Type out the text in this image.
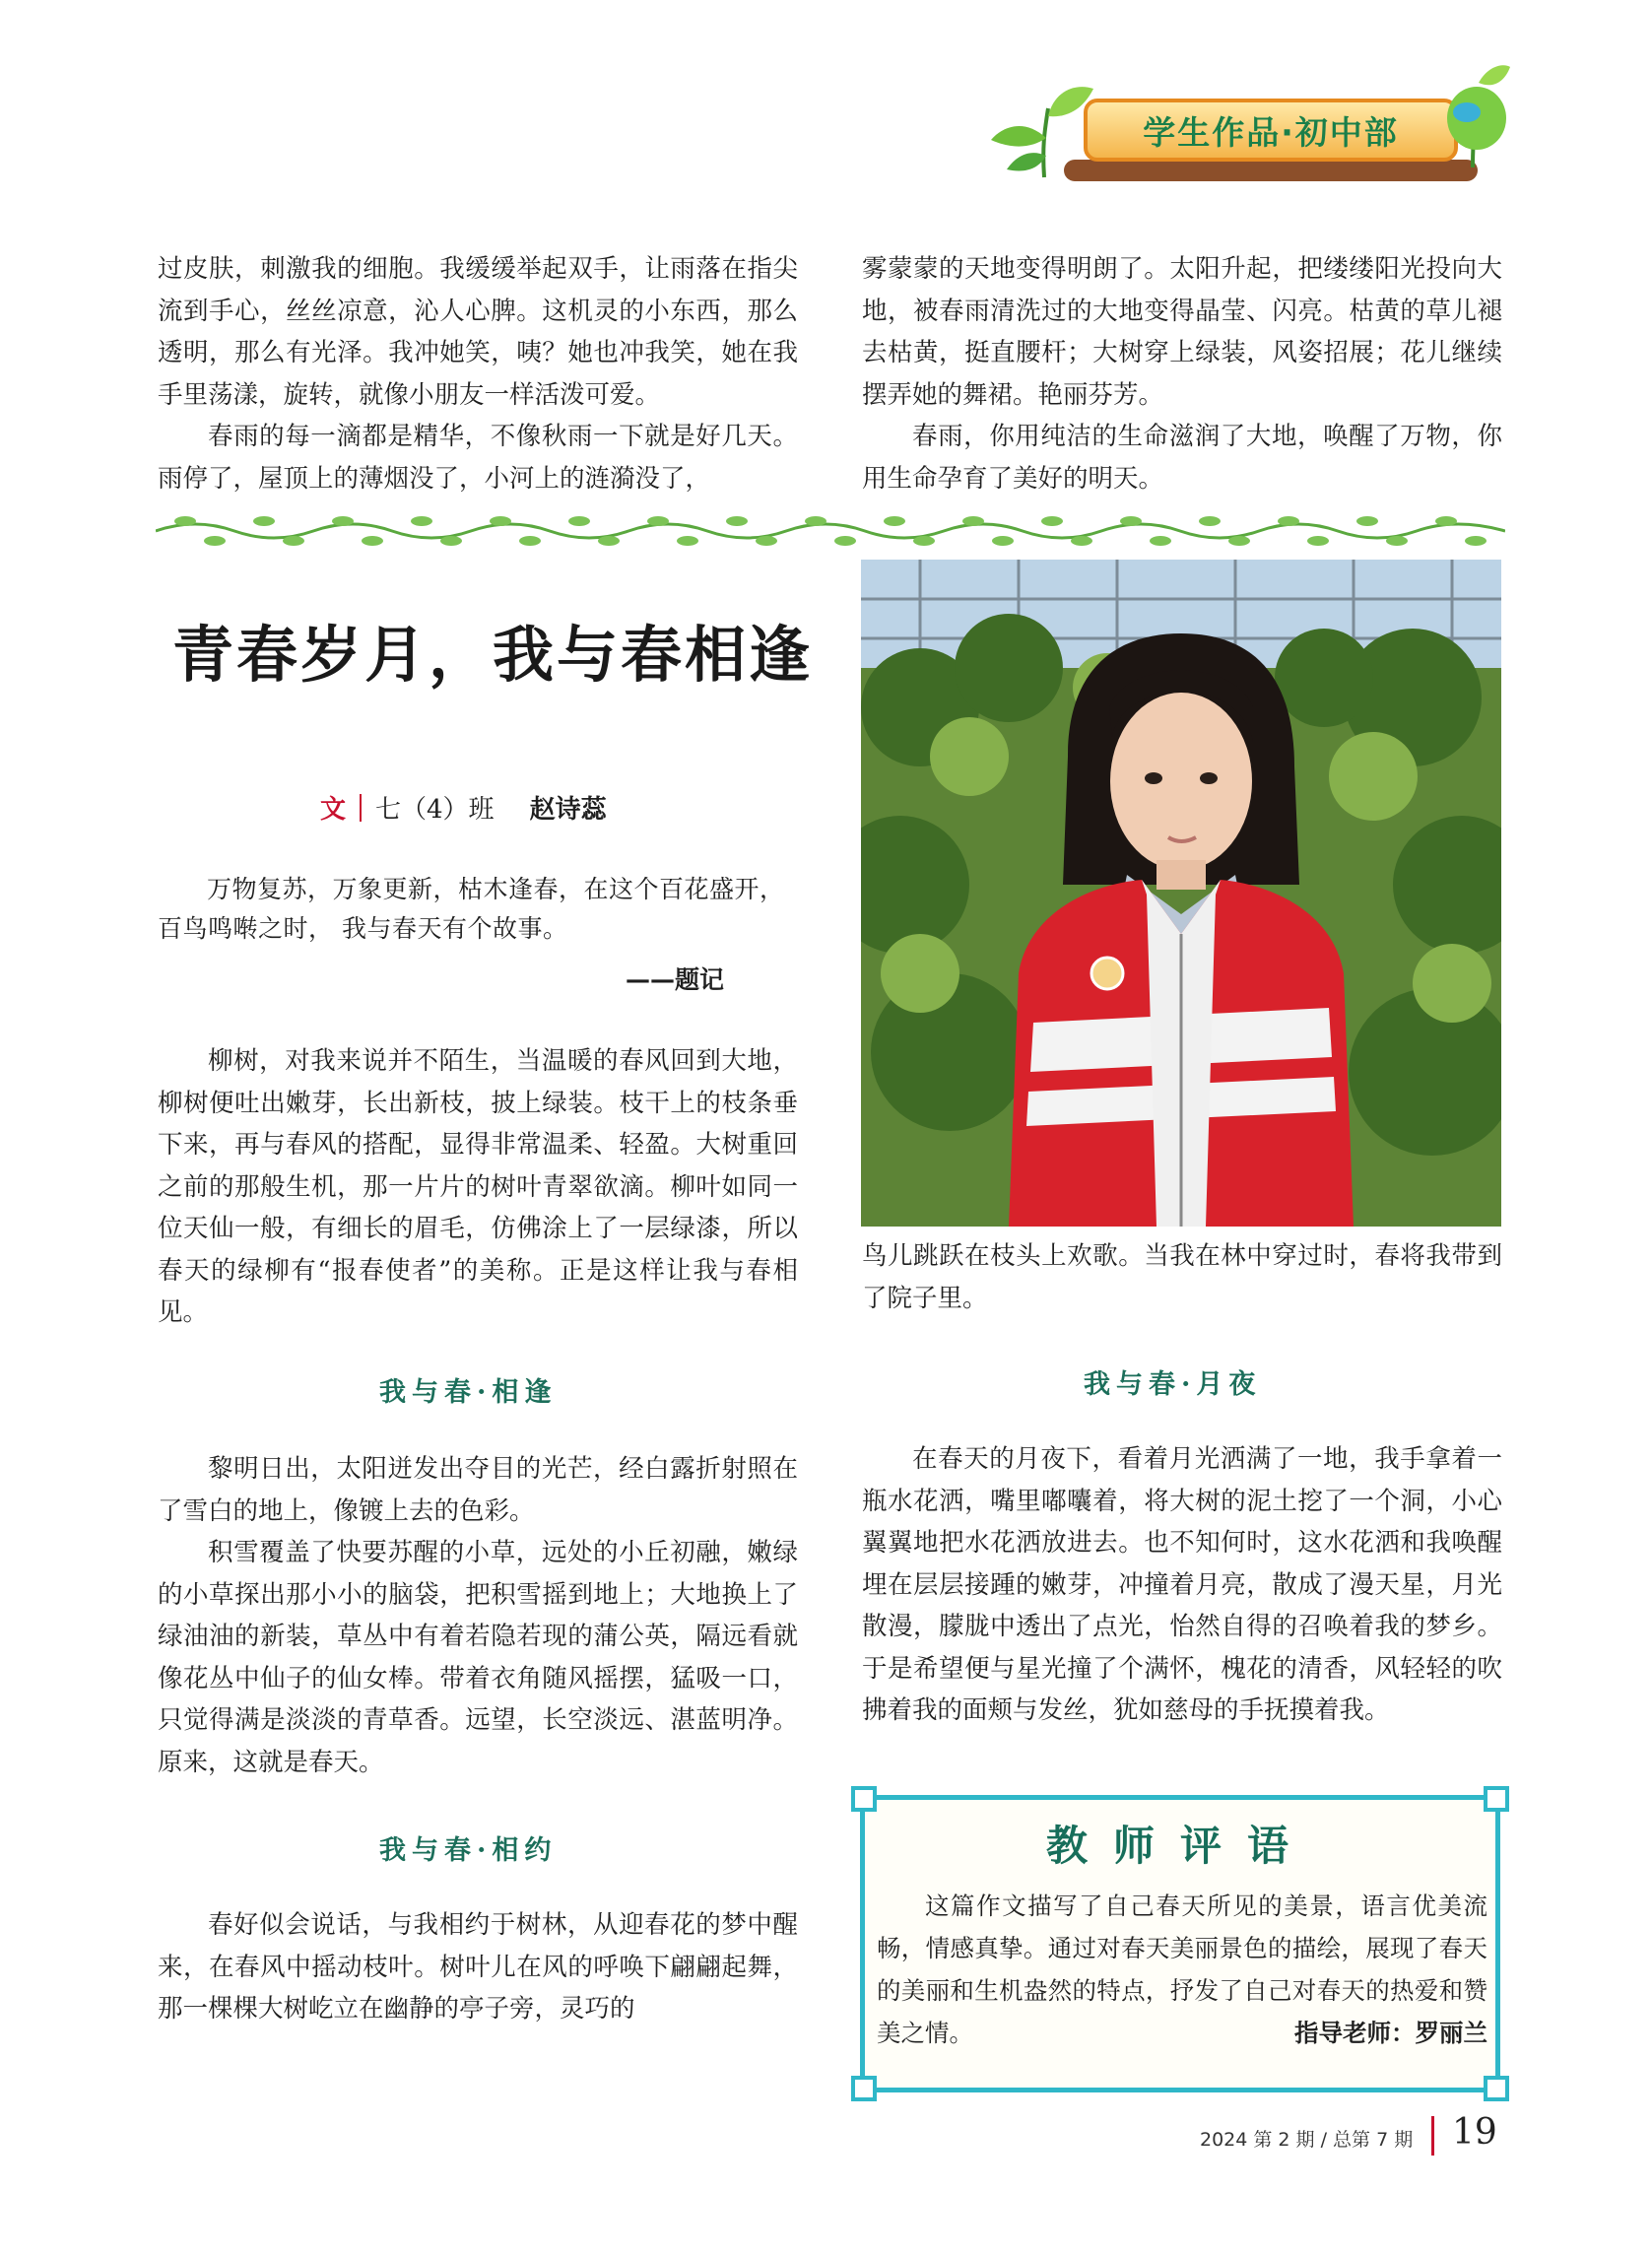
学生作品·初中部

过皮肤，刺激我的细胞。我缓缓举起双手，让雨落在指尖流到手心，丝丝凉意，沁人心脾。这机灵的小东西，那么透明，那么有光泽。我冲她笑，咦？她也冲我笑，她在我手里荡漾，旋转，就像小朋友一样活泼可爱。

春雨的每一滴都是精华，不像秋雨一下就是好几天。雨停了，屋顶上的薄烟没了，小河上的涟漪没了，

雾蒙蒙的天地变得明朗了。太阳升起，把缕缕阳光投向大地，被春雨清洗过的大地变得晶莹、闪亮。枯黄的草儿褪去枯黄，挺直腰杆；大树穿上绿装，风姿招展；花儿继续摆弄她的舞裙。艳丽芬芳。

春雨，你用纯洁的生命滋润了大地，唤醒了万物，你用生命孕育了美好的明天。

青春岁月，我与春相逢
文 七（4）班 赵诗蕊

万物复苏，万象更新，枯木逢春，在这个百花盛开，百鸟鸣啭之时， 我与春天有个故事。

——题记

柳树，对我来说并不陌生，当温暖的春风回到大地，柳树便吐出嫩芽，长出新枝，披上绿装。枝干上的枝条垂下来，再与春风的搭配，显得非常温柔、轻盈。大树重回之前的那般生机，那一片片的树叶青翠欲滴。柳叶如同一位天仙一般，有细长的眉毛，仿佛涂上了一层绿漆，所以春天的绿柳有“报春使者”的美称。正是这样让我与春相见。

我与春·相逢

黎明日出，太阳迸发出夺目的光芒，经白露折射照在了雪白的地上，像镀上去的色彩。

积雪覆盖了快要苏醒的小草，远处的小丘初融，嫩绿的小草探出那小小的脑袋，把积雪摇到地上；大地换上了绿油油的新装，草丛中有着若隐若现的蒲公英，隔远看就像花丛中仙子的仙女棒。带着衣角随风摇摆，猛吸一口，只觉得满是淡淡的青草香。远望，长空淡远、湛蓝明净。原来，这就是春天。

我与春·相约

春好似会说话，与我相约于树林，从迎春花的梦中醒来，在春风中摇动枝叶。树叶儿在风的呼唤下翩翩起舞，那一棵棵大树屹立在幽静的亭子旁，灵巧的

鸟儿跳跃在枝头上欢歌。当我在林中穿过时，春将我带到了院子里。

我与春·月夜

在春天的月夜下，看着月光洒满了一地，我手拿着一瓶水花洒，嘴里嘟囔着，将大树的泥土挖了一个洞，小心翼翼地把水花洒放进去。也不知何时，这水花洒和我唤醒埋在层层接踵的嫩芽，冲撞着月亮，散成了漫天星，月光散漫，朦胧中透出了点光，怡然自得的召唤着我的梦乡。于是希望便与星光撞了个满怀，槐花的清香，风轻轻的吹拂着我的面颊与发丝，犹如慈母的手抚摸着我。

教师评语

这篇作文描写了自己春天所见的美景，语言优美流畅，情感真挚。通过对春天美丽景色的描绘，展现了春天的美丽和生机盎然的特点，抒发了自己对春天的热爱和赞美之情。	指导老师：罗丽兰

2024 第 2 期 / 总第 7 期 19
